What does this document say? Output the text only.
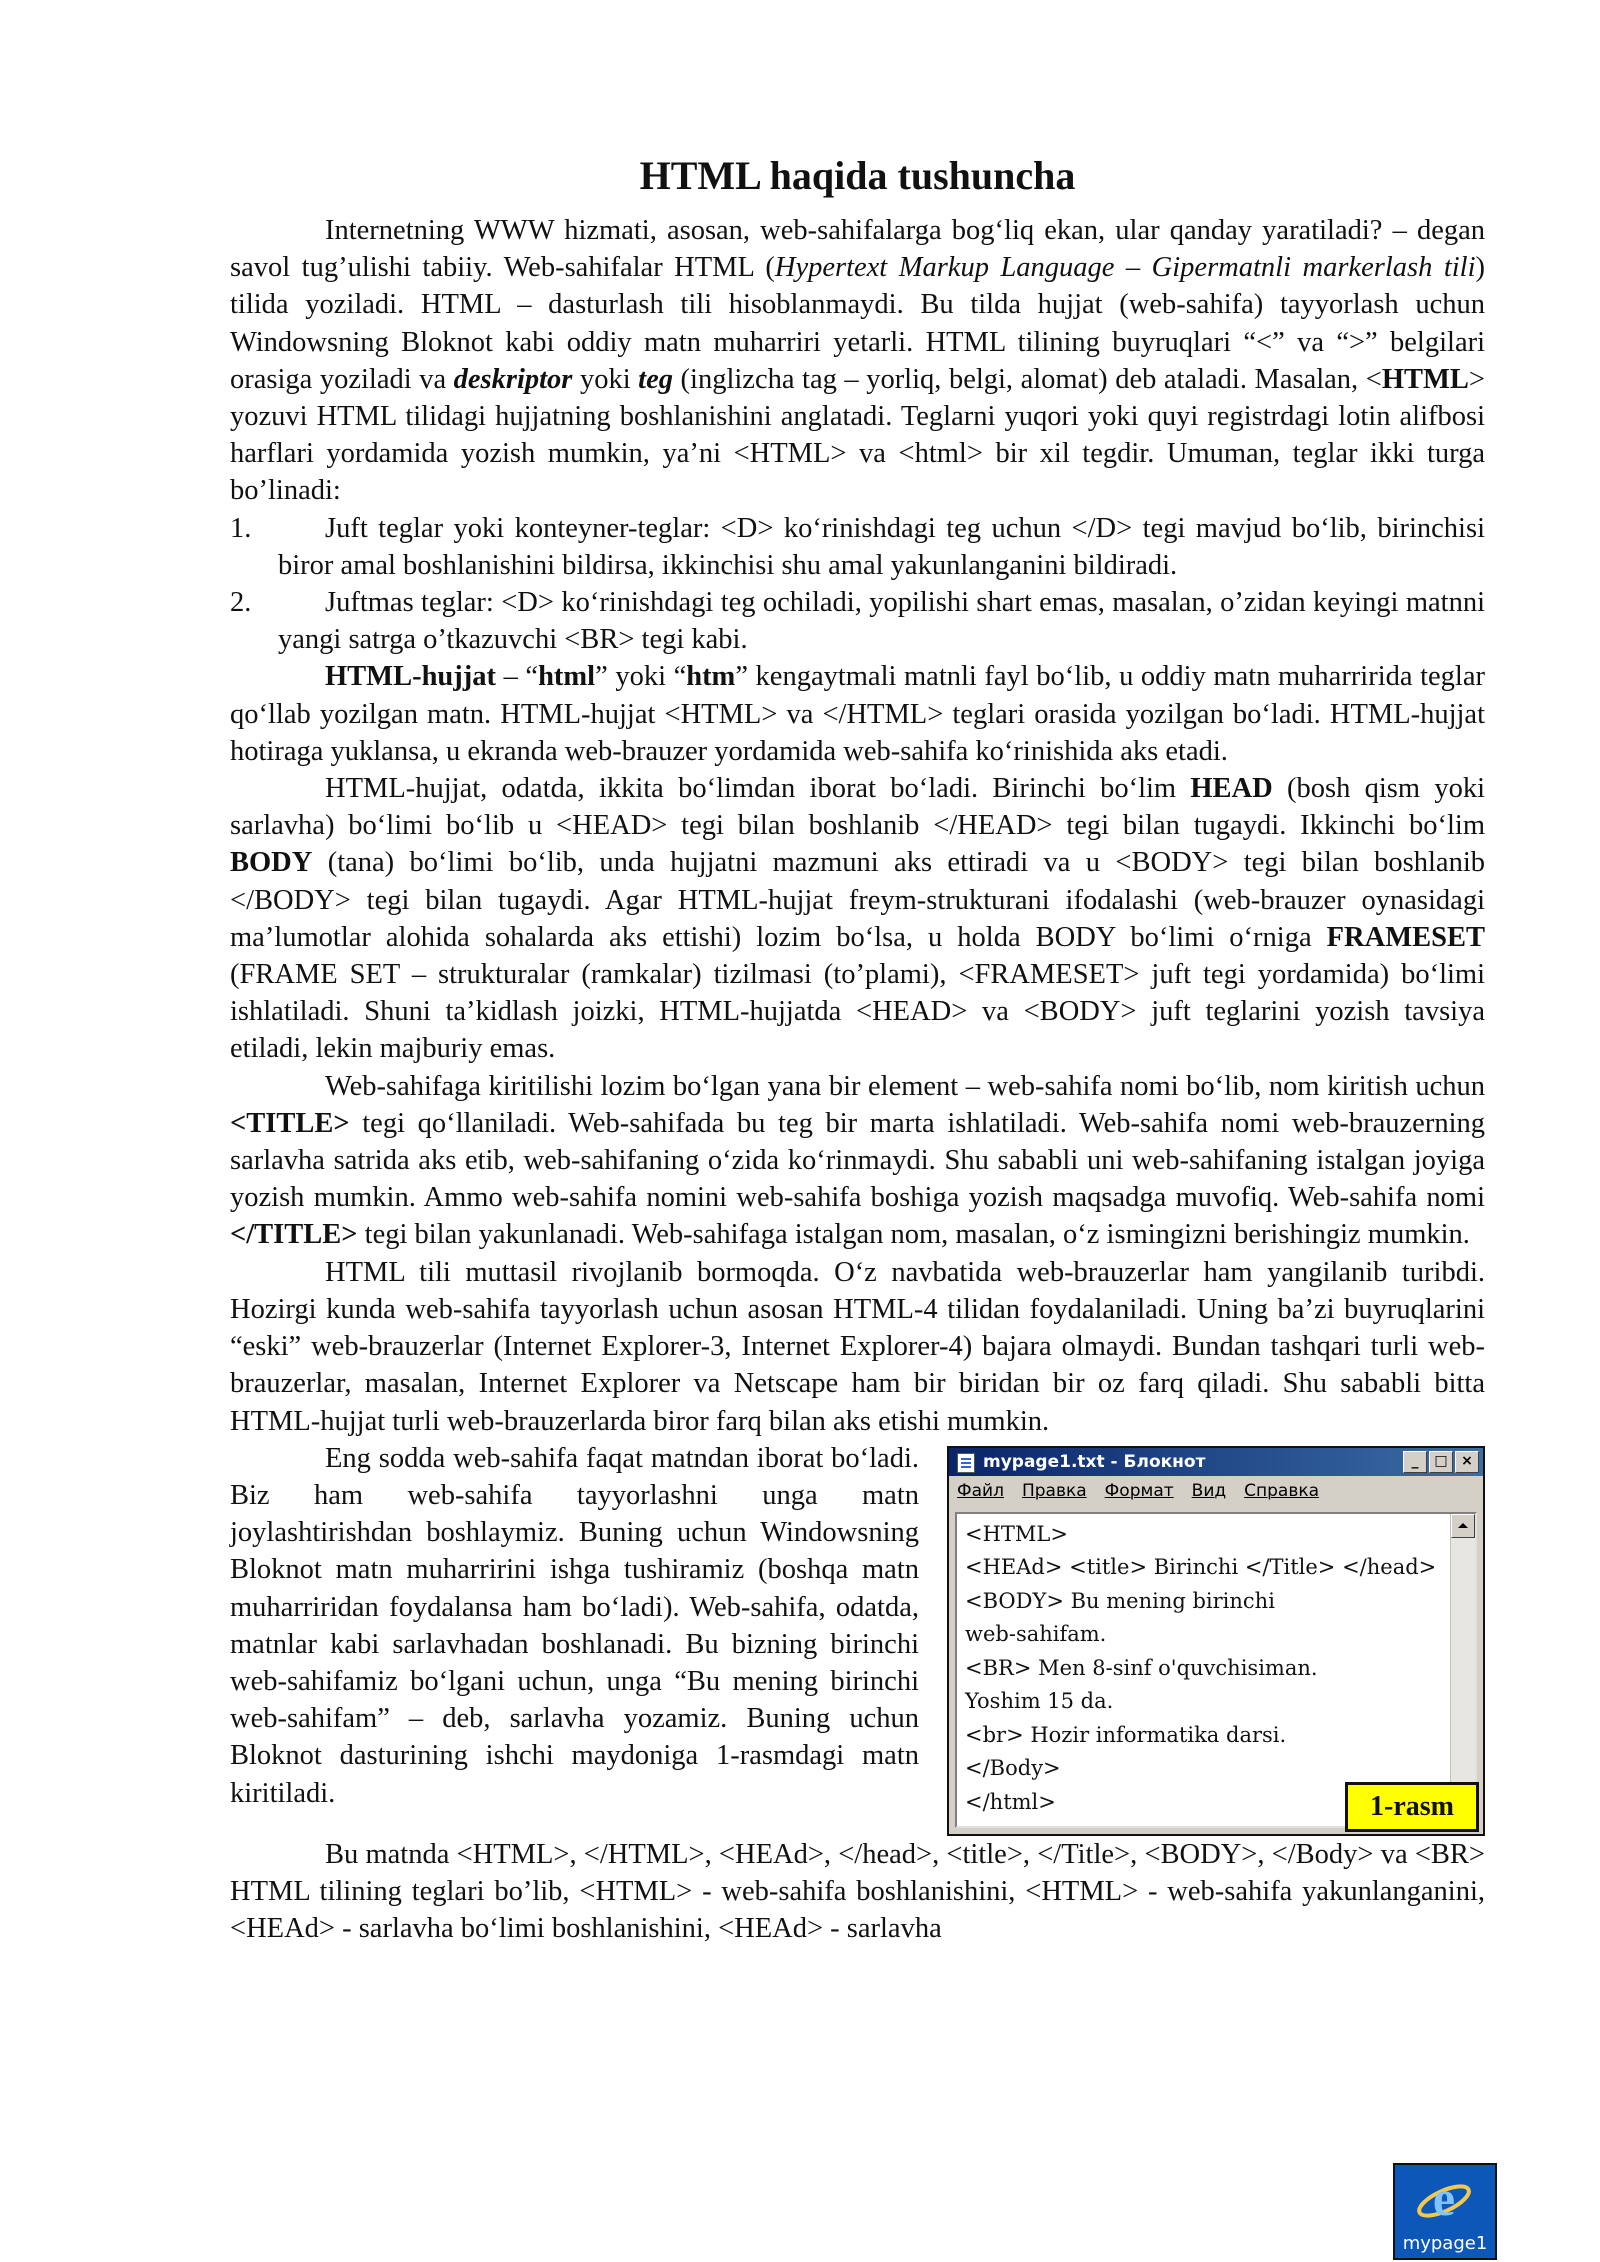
HTML haqida tushuncha

Internetning WWW hizmati, asosan, web-sahifalarga bog‘liq ekan, ular qanday yaratiladi? – degan savol tug’ulishi tabiiy. Web-sahifalar HTML (Hypertext Markup Language – Gipermatnli markerlash tili) tilida yoziladi. HTML – dasturlash tili hisoblanmaydi. Bu tilda hujjat (web-sahifa) tayyorlash uchun Windowsning Bloknot kabi oddiy matn muharriri yetarli. HTML tilining buyruqlari “<” va “>” belgilari orasiga yoziladi va deskriptor yoki teg (inglizcha tag – yorliq, belgi, alomat) deb ataladi. Masalan, <HTML> yozuvi HTML tilidagi hujjatning boshlanishini anglatadi. Teglarni yuqori yoki quyi registrdagi lotin alifbosi harflari yordamida yozish mumkin, ya’ni <HTML> va <html> bir xil tegdir. Umuman, teglar ikki turga bo’linadi:

1.	Juft teglar yoki konteyner-teglar: <D> ko‘rinishdagi teg uchun </D> tegi mavjud bo‘lib, birinchisi biror amal boshlanishini bildirsa, ikkinchisi shu amal yakunlanganini bildiradi.
2.	Juftmas teglar: <D> ko‘rinishdagi teg ochiladi, yopilishi shart emas, masalan, o’zidan keyingi matnni yangi satrga o’tkazuvchi <BR> tegi kabi.

HTML-hujjat – “html” yoki “htm” kengaytmali matnli fayl bo‘lib, u oddiy matn muharririda teglar qo‘llab yozilgan matn. HTML-hujjat <HTML> va </HTML> teglari orasida yozilgan bo‘ladi. HTML-hujjat hotiraga yuklansa, u ekranda web-brauzer yordamida web-sahifa ko‘rinishida aks etadi.

HTML-hujjat, odatda, ikkita bo‘limdan iborat bo‘ladi. Birinchi bo‘lim HEAD (bosh qism yoki sarlavha) bo‘limi bo‘lib u <HEAD> tegi bilan boshlanib </HEAD> tegi bilan tugaydi. Ikkinchi bo‘lim BODY (tana) bo‘limi bo‘lib, unda hujjatni mazmuni aks ettiradi va u <BODY> tegi bilan boshlanib </BODY> tegi bilan tugaydi. Agar HTML-hujjat freym-strukturani ifodalashi (web-brauzer oynasidagi ma’lumotlar alohida sohalarda aks ettishi) lozim bo‘lsa, u holda BODY bo‘limi o‘rniga FRAMESET (FRAME SET – strukturalar (ramkalar) tizilmasi (to’plami), <FRAMESET> juft tegi yordamida) bo‘limi ishlatiladi. Shuni ta’kidlash joizki, HTML-hujjatda <HEAD> va <BODY> juft teglarini yozish tavsiya etiladi, lekin majburiy emas.

Web-sahifaga kiritilishi lozim bo‘lgan yana bir element – web-sahifa nomi bo‘lib, nom kiritish uchun <TITLE> tegi qo‘llaniladi. Web-sahifada bu teg bir marta ishlatiladi. Web-sahifa nomi web-brauzerning sarlavha satrida aks etib, web-sahifaning o‘zida ko‘rinmaydi. Shu sababli uni web-sahifaning istalgan joyiga yozish mumkin. Ammo web-sahifa nomini web-sahifa boshiga yozish maqsadga muvofiq. Web-sahifa nomi </TITLE> tegi bilan yakunlanadi. Web-sahifaga istalgan nom, masalan, o‘z ismingizni berishingiz mumkin.

HTML tili muttasil rivojlanib bormoqda. O‘z navbatida web-brauzerlar ham yangilanib turibdi. Hozirgi kunda web-sahifa tayyorlash uchun asosan HTML-4 tilidan foydalaniladi. Uning ba’zi buyruqlarini “eski” web-brauzerlar (Internet Explorer-3, Internet Explorer-4) bajara olmaydi. Bundan tashqari turli web-brauzerlar, masalan, Internet Explorer va Netscape ham bir biridan bir oz farq qiladi. Shu sababli bitta HTML-hujjat turli web-brauzerlarda biror farq bilan aks etishi mumkin.

mypage1.txt - Блокнот	_	□ ×
Файл Правка Формат Вид Справка
<HTML>
<HEAd> <title> Birinchi </Title> </head>
<BODY> Bu mening birinchi
web-sahifam.
<BR> Men 8-sinf o'quvchisiman.
Yoshim 15 da.
<br> Hozir informatika darsi.
</Body>
</html>	1-rasm

Eng sodda web-sahifa faqat matndan iborat bo‘ladi. Biz ham web-sahifa tayyorlashni unga matn joylashtirishdan boshlaymiz. Buning uchun Windowsning Bloknot matn muharririni ishga tushiramiz (boshqa matn muharriridan foydalansa ham bo‘ladi). Web-sahifa, odatda, matnlar kabi sarlavhadan boshlanadi. Bu bizning birinchi web-sahifamiz bo‘lgani uchun, unga “Bu mening birinchi web-sahifam” – deb, sarlavha yozamiz. Buning uchun Bloknot dasturining ishchi maydoniga 1-rasmdagi matn kiritiladi.

Bu matnda <HTML>, </HTML>, <HEAd>, </head>, <title>, </Title>, <BODY>, </Body> va <BR> HTML tilining teglari bo’lib, <HTML> - web-sahifa boshlanishini, <HTML> - web-sahifa yakunlanganini, <HEAd> - sarlavha bo‘limi boshlanishini, <HEAd> - sarlavha

e
mypage1
